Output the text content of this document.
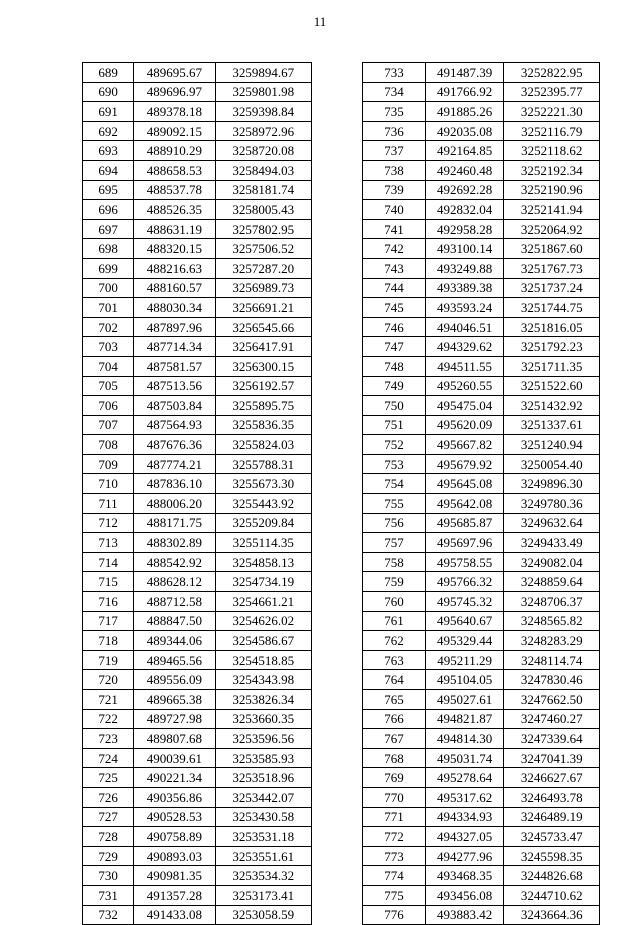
11
689	489695.67	3259894.67
690	489696.97	3259801.98
691	489378.18	3259398.84
692	489092.15	3258972.96
693	488910.29	3258720.08
694	488658.53	3258494.03
695	488537.78	3258181.74
696	488526.35	3258005.43
697	488631.19	3257802.95
698	488320.15	3257506.52
699	488216.63	3257287.20
700	488160.57	3256989.73
701	488030.34	3256691.21
702	487897.96	3256545.66
703	487714.34	3256417.91
704	487581.57	3256300.15
705	487513.56	3256192.57
706	487503.84	3255895.75
707	487564.93	3255836.35
708	487676.36	3255824.03
709	487774.21	3255788.31
710	487836.10	3255673.30
711	488006.20	3255443.92
712	488171.75	3255209.84
713	488302.89	3255114.35
714	488542.92	3254858.13
715	488628.12	3254734.19
716	488712.58	3254661.21
717	488847.50	3254626.02
718	489344.06	3254586.67
719	489465.56	3254518.85
720	489556.09	3254343.98
721	489665.38	3253826.34
722	489727.98	3253660.35
723	489807.68	3253596.56
724	490039.61	3253585.93
725	490221.34	3253518.96
726	490356.86	3253442.07
727	490528.53	3253430.58
728	490758.89	3253531.18
729	490893.03	3253551.61
730	490981.35	3253534.32
731	491357.28	3253173.41
732	491433.08	3253058.59
733	491487.39	3252822.95
734	491766.92	3252395.77
735	491885.26	3252221.30
736	492035.08	3252116.79
737	492164.85	3252118.62
738	492460.48	3252192.34
739	492692.28	3252190.96
740	492832.04	3252141.94
741	492958.28	3252064.92
742	493100.14	3251867.60
743	493249.88	3251767.73
744	493389.38	3251737.24
745	493593.24	3251744.75
746	494046.51	3251816.05
747	494329.62	3251792.23
748	494511.55	3251711.35
749	495260.55	3251522.60
750	495475.04	3251432.92
751	495620.09	3251337.61
752	495667.82	3251240.94
753	495679.92	3250054.40
754	495645.08	3249896.30
755	495642.08	3249780.36
756	495685.87	3249632.64
757	495697.96	3249433.49
758	495758.55	3249082.04
759	495766.32	3248859.64
760	495745.32	3248706.37
761	495640.67	3248565.82
762	495329.44	3248283.29
763	495211.29	3248114.74
764	495104.05	3247830.46
765	495027.61	3247662.50
766	494821.87	3247460.27
767	494814.30	3247339.64
768	495031.74	3247041.39
769	495278.64	3246627.67
770	495317.62	3246493.78
771	494334.93	3246489.19
772	494327.05	3245733.47
773	494277.96	3245598.35
774	493468.35	3244826.68
775	493456.08	3244710.62
776	493883.42	3243664.36
